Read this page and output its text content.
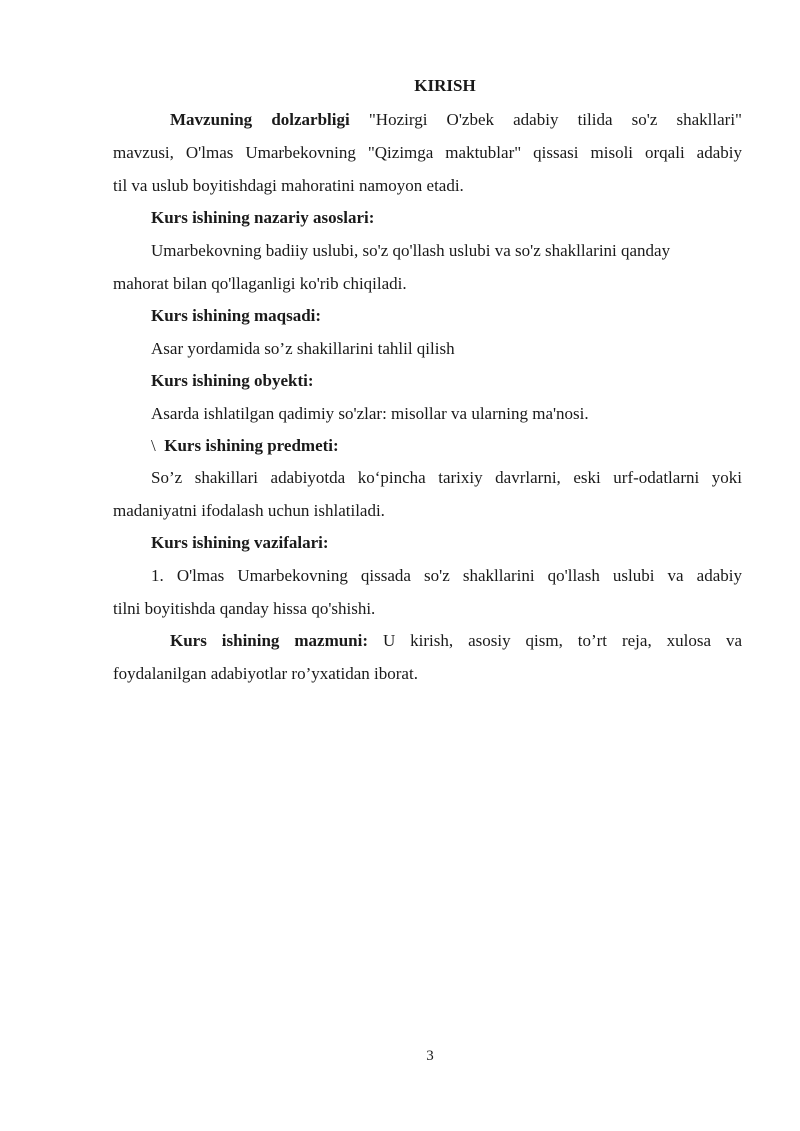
KIRISH
Mavzuning dolzarbligi "Hozirgi O'zbek adabiy tilida so'z shakllari"
mavzusi, O'lmas Umarbekovning "Qizimga maktublar" qissasi misoli orqali adabiy
til va uslub boyitishdagi mahoratini namoyon etadi.
Kurs ishining nazariy asoslari:
Umarbekovning badiiy uslubi, so'z qo'llash uslubi va so'z shakllarini qanday
mahorat bilan qo'llaganligi ko'rib chiqiladi.
Kurs ishining maqsadi:
Asar yordamida so’z shakillarini tahlil qilish
Kurs ishining obyekti:
Asarda ishlatilgan qadimiy so'zlar: misollar va ularning ma'nosi.
\ Kurs ishining predmeti:
So’z shakillari adabiyotda ko‘pincha tarixiy davrlarni, eski urf-odatlarni yoki
madaniyatni ifodalash uchun ishlatiladi.
Kurs ishining vazifalari:
1. O'lmas Umarbekovning qissada so'z shakllarini qo'llash uslubi va adabiy
tilni boyitishda qanday hissa qo'shishi.
Kurs ishining mazmuni: U kirish, asosiy qism, to’rt reja, xulosa va
foydalanilgan adabiyotlar ro’yxatidan iborat.
3
